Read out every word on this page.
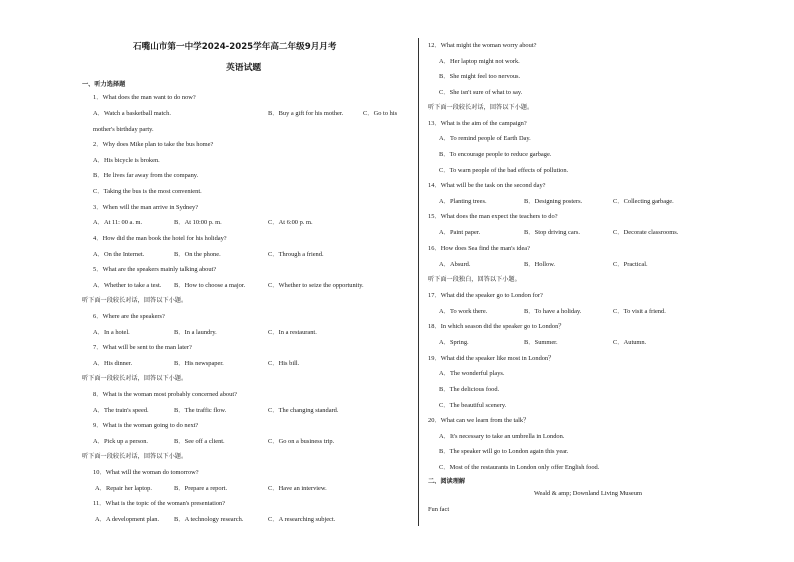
石嘴山市第一中学2024-2025学年高二年级9月月考
英语试题
一、听力选择题
1．What does the man want to do now?
A．Watch a basketball match.	B．Buy a gift for his mother.	C．Go to his
mother's birthday party.
2．Why does Mike plan to take the bus home?
A．His bicycle is broken.
B．He lives far away from the company.
C．Taking the bus is the most convenient.
3．When will the man arrive in Sydney?
A．At 11: 00 a. m.	B．At 10:00 p. m.	C．At 6:00 p. m.
4．How did the man book the hotel for his holiday?
A．On the Internet.	B．On the phone.	C．Through a friend.
5．What are the speakers mainly talking about?
A．Whether to take a test. B．How to choose a major.	C．Whether to seize the opportunity.
听下面一段较长对话，回答以下小题。
6．Where are the speakers?
A．In a hotel.	B．In a laundry.	C．In a restaurant.
7．What will be sent to the man later?
A．His dinner.	B．His newspaper.	C．His bill.
听下面一段较长对话，回答以下小题。
8．What is the woman most probably concerned about?
A．The train's speed.	B．The traffic flow.	C．The changing standard.
9．What is the woman going to do next?
A．Pick up a person.	B．See off a client.	C．Go on a business trip.
听下面一段较长对话，回答以下小题。
10．What will the woman do tomorrow?
A．Repair her laptop.	B．Prepare a report.	C．Have an interview.
11．What is the topic of the woman's presentation?
A．A development plan. B．A technology research.	C．A researching subject.
12．What might the woman worry about?
A．Her laptop might not work.
B．She might feel too nervous.
C．She isn't sure of what to say.
听下面一段较长对话，回答以下小题。
13．What is the aim of the campaign?
A．To remind people of Earth Day.
B．To encourage people to reduce garbage.
C．To warn people of the bad effects of pollution.
14．What will be the task on the second day?
A．Planting trees.	B．Designing posters.	C．Collecting garbage.
15．What does the man expect the teachers to do?
A．Paint paper.	B．Stop driving cars.	C．Decorate classrooms.
16．How does Sea find the man's idea?
A．Absurd.	B．Hollow.	C．Practical.
听下面一段独白，回答以下小题。
17．What did the speaker go to London for?
A．To work there.	B．To have a holiday.	C．To visit a friend.
18．In which season did the speaker go to London？
A．Spring.	B．Summer.	C．Autumn.
19．What did the speaker like most in London？
A．The wonderful plays.
B．The delicious food.
C．The beautiful scenery.
20．What can we learn from the talk？
A．It's necessary to take an umbrella in London.
B．The speaker will go to London again this year.
C．Most of the restaurants in London only offer English food.
二、阅读理解
Weald & amp; Downland Living Museum
Fun fact
